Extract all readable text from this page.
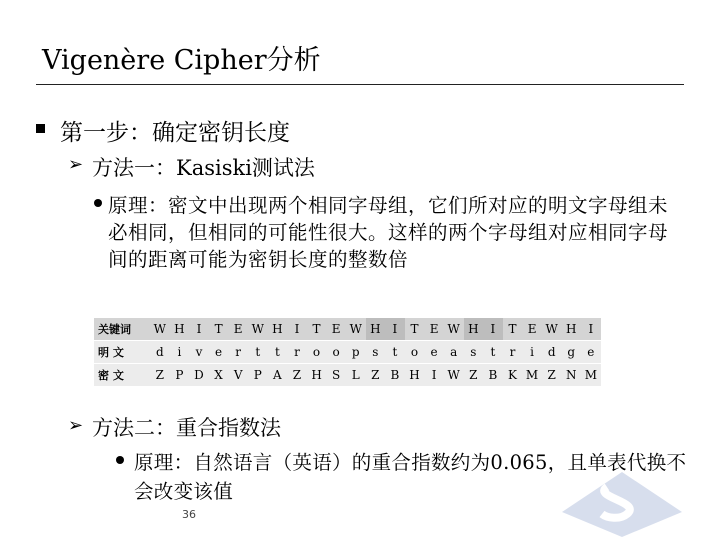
Vigenère Cipher分析
第一步：确定密钥长度
➢ 方法一：Kasiski测试法
原理：密文中出现两个相同字母组，它们所对应的明文字母组未必相同，但相同的可能性很大。这样的两个字母组对应相同字母间的距离可能为密钥长度的整数倍
关键词	W	H	I	T	E	W	H	I	T	E	W	H	I	T	E	W	H	I	T	E	W	H	I
明 文	d	i	v	e	r	t	t	r	o	o	p	s	t	o	e	a	s	t	r	i	d	g	e
密 文	Z	P	D	X	V	P	A	Z	H	S	L	Z	B	H	I	W	Z	B	K	M	Z	N	M
➢ 方法二：重合指数法
原理：自然语言（英语）的重合指数约为0.065，且单表代换不会改变该值
36
